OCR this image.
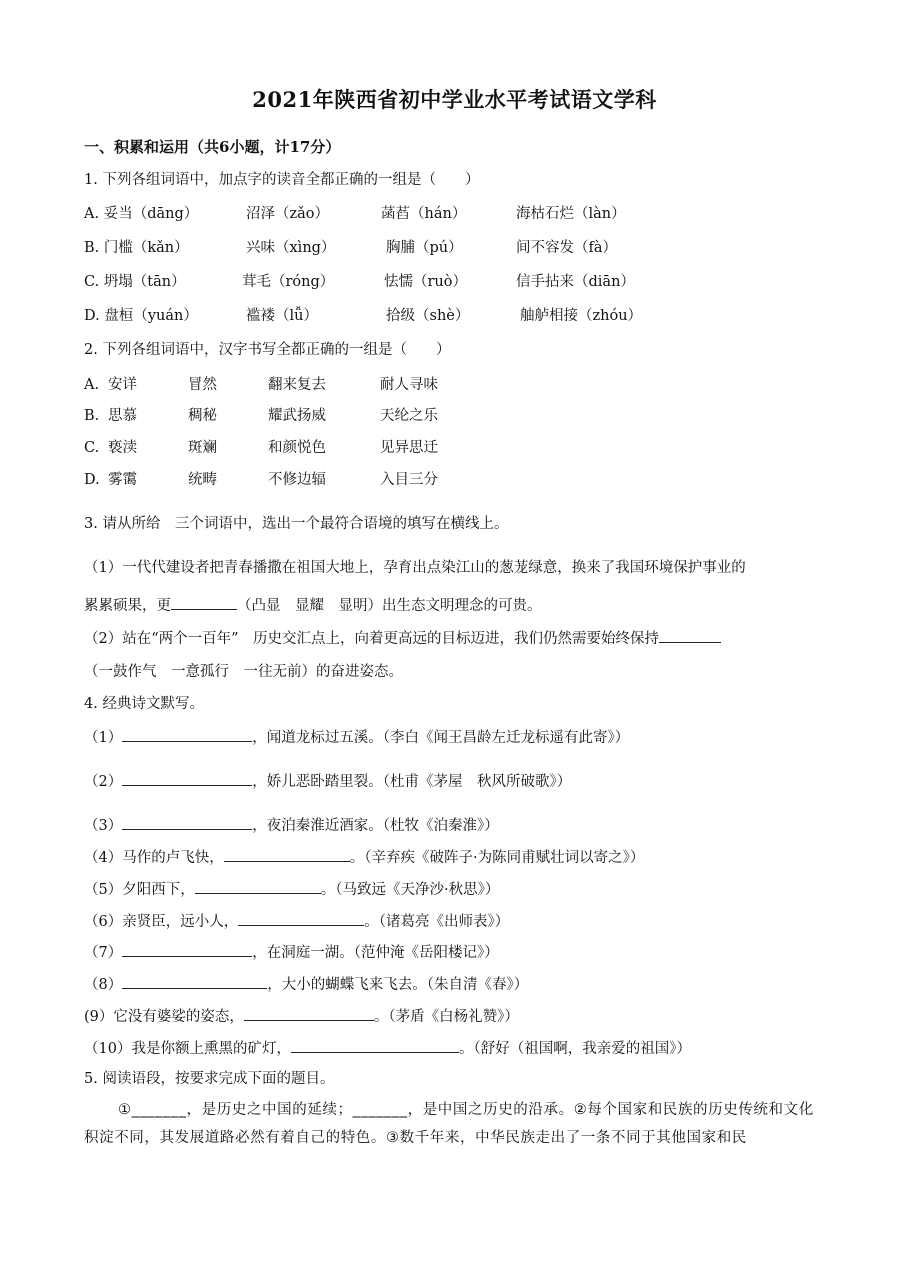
2021年陕西省初中学业水平考试语文学科
一、积累和运用（共6小题，计17分）
1. 下列各组词语中，加点字的读音全都正确的一组是（　　）
A. 妥当（dāng）	沼泽（zǎo）	菡萏（hán）	海枯石烂（làn）
B. 门槛（kǎn）	兴味（xìng）	胸脯（pú）	间不容发（fà）
C. 坍塌（tān）	茸毛（róng）	怯懦（ruò）	信手拈来（diān）
D. 盘桓（yuán）	褴褛（lǚ）	拾级（shè）	舳舻相接（zhóu）
2. 下列各组词语中，汉字书写全都正确的一组是（　　）
A. 安详	冒然	翻来复去	耐人寻味
B. 思慕	稠秘	耀武扬威	天纶之乐
C. 亵渎	斑斓	和颜悦色	见异思迁
D. 雾霭	统畴	不修边辐	入目三分
3. 请从所给　三个词语中，选出一个最符合语境的填写在横线上。
（1）一代代建设者把青春播撒在祖国大地上，孕育出点染江山的葱茏绿意，换来了我国环境保护事业的
累累硕果，更	（凸显　显耀　显明）出生态文明理念的可贵。
（2）站在“两个一百年”　历史交汇点上，向着更高远的目标迈进，我们仍然需要始终保持
（一鼓作气　一意孤行　一往无前）的奋进姿态。
4. 经典诗文默写。
（1）	，闻道龙标过五溪。（李白《闻王昌龄左迁龙标遥有此寄》）
（2）	，娇儿恶卧踏里裂。（杜甫《茅屋　秋风所破歌》）
（3）	，夜泊秦淮近酒家。（杜牧《泊秦淮》）
（4）马作的卢飞快，	。（辛弃疾《破阵子·为陈同甫赋壮词以寄之》）
（5）夕阳西下，	。（马致远《天净沙·秋思》）
（6）亲贤臣，远小人，	。（诸葛亮《出师表》）
（7）	，在洞庭一湖。（范仲淹《岳阳楼记》）
（8）	，大小的蝴蝶飞来飞去。（朱自清《春》）
(9）它没有婆娑的姿态，	。（茅盾《白杨礼赞》）
（10）我是你额上熏黑的矿灯，	。（舒好（祖国啊，我亲爱的祖国》）
5. 阅读语段，按要求完成下面的题目。
①_______，是历史之中国的延续；_______，是中国之历史的沿承。②每个国家和民族的历史传统和文化积淀不同，其发展道路必然有着自己的特色。③数千年来，中华民族走出了一条不同于其他国家和民
